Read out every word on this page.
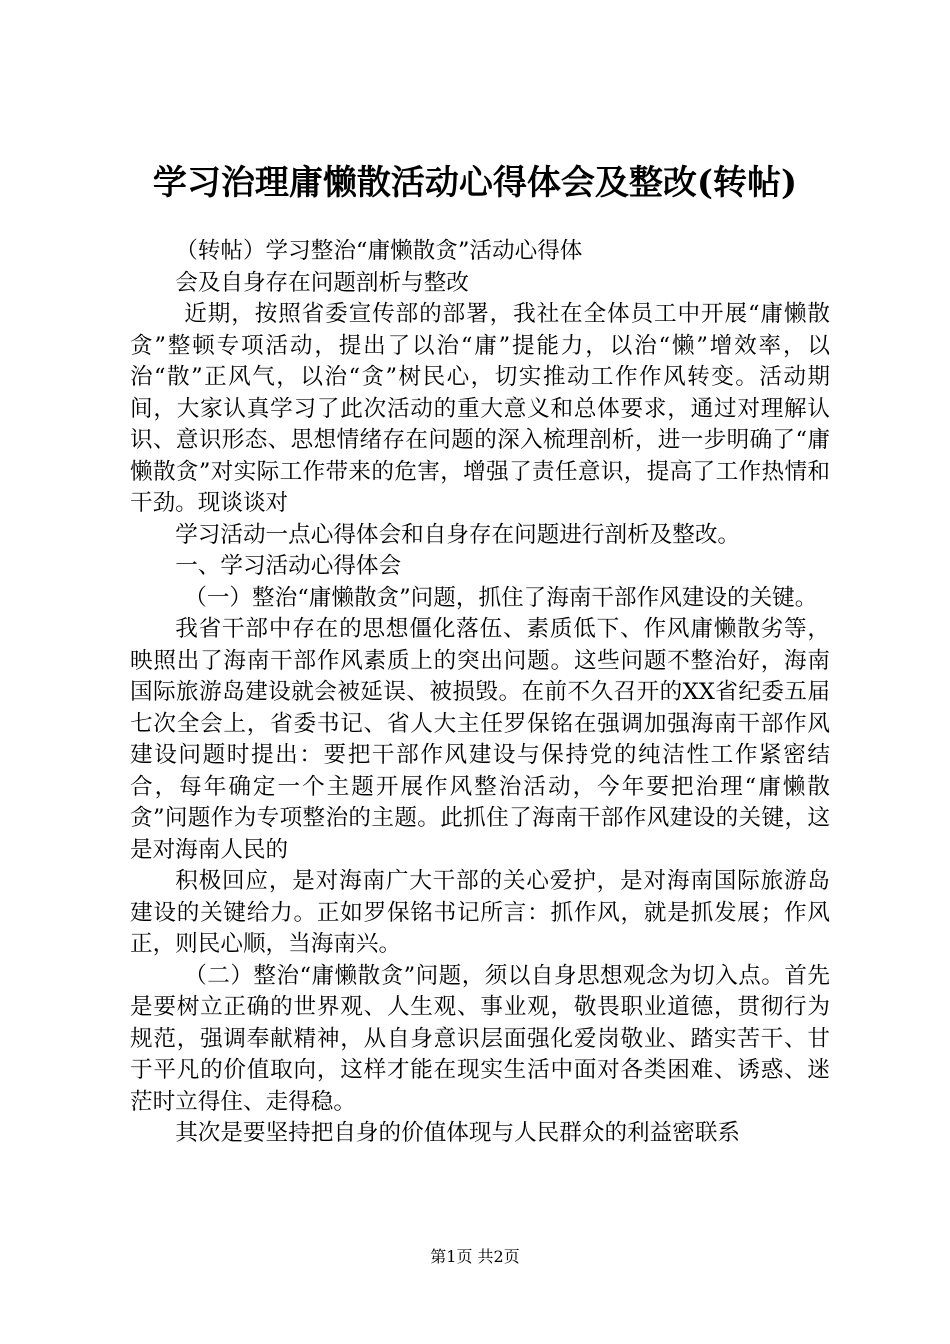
学习治理庸懒散活动心得体会及整改(转帖)

（转帖）学习整治“庸懒散贪”活动心得体

会及自身存在问题剖析与整改

近期，按照省委宣传部的部署，我社在全体员工中开展“庸懒散贪”整顿专项活动，提出了以治“庸”提能力，以治“懒”增效率，以治“散”正风气，以治“贪”树民心，切实推动工作作风转变。活动期间，大家认真学习了此次活动的重大意义和总体要求，通过对理解认识、意识形态、思想情绪存在问题的深入梳理剖析，进一步明确了“庸懒散贪”对实际工作带来的危害，增强了责任意识，提高了工作热情和干劲。现谈谈对

学习活动一点心得体会和自身存在问题进行剖析及整改。

一、学习活动心得体会

（一）整治“庸懒散贪”问题，抓住了海南干部作风建设的关键。

我省干部中存在的思想僵化落伍、素质低下、作风庸懒散劣等，映照出了海南干部作风素质上的突出问题。这些问题不整治好，海南国际旅游岛建设就会被延误、被损毁。在前不久召开的XX省纪委五届七次全会上，省委书记、省人大主任罗保铭在强调加强海南干部作风建设问题时提出：要把干部作风建设与保持党的纯洁性工作紧密结合，每年确定一个主题开展作风整治活动，今年要把治理“庸懒散贪”问题作为专项整治的主题。此抓住了海南干部作风建设的关键，这是对海南人民的

积极回应，是对海南广大干部的关心爱护，是对海南国际旅游岛建设的关键给力。正如罗保铭书记所言：抓作风，就是抓发展；作风正，则民心顺，当海南兴。

（二）整治“庸懒散贪”问题，须以自身思想观念为切入点。首先是要树立正确的世界观、人生观、事业观，敬畏职业道德，贯彻行为规范，强调奉献精神，从自身意识层面强化爱岗敬业、踏实苦干、甘于平凡的价值取向，这样才能在现实生活中面对各类困难、诱惑、迷茫时立得住、走得稳。

其次是要坚持把自身的价值体现与人民群众的利益密联系

第1页 共2页
